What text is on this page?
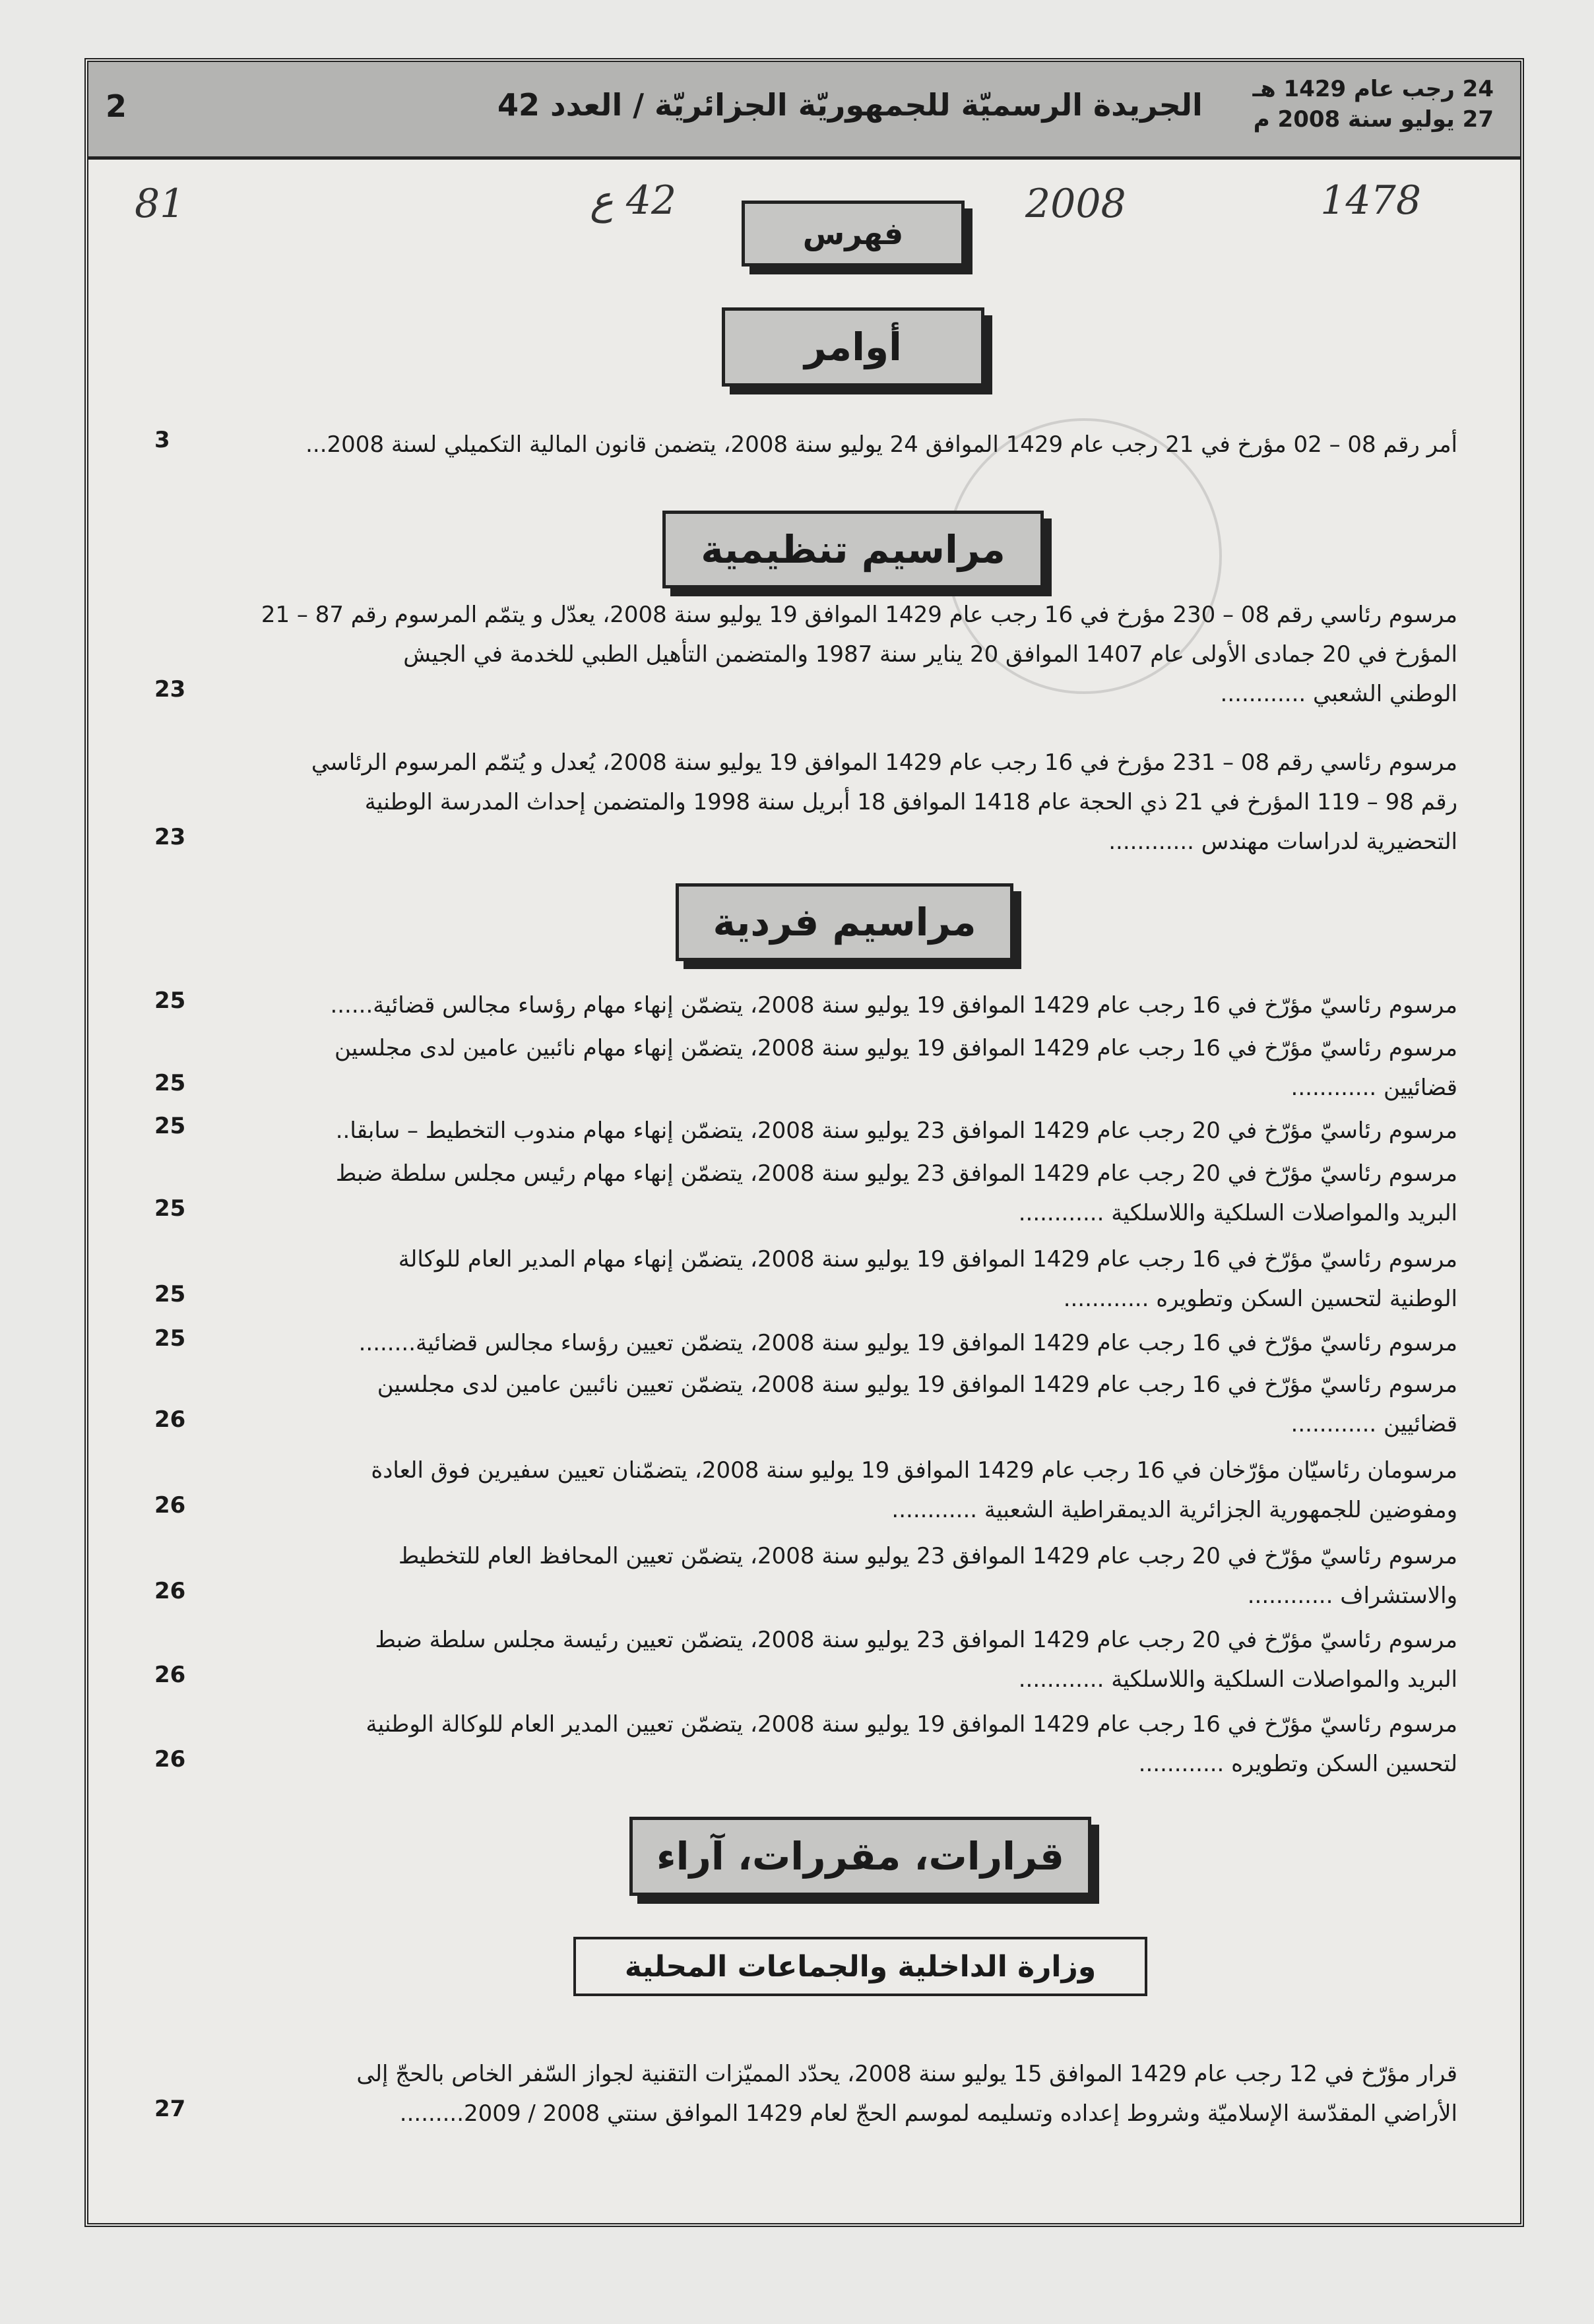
2	الجريدة الرسميّة للجمهوريّة الجزائريّة / العدد 42 24 رجب عام 1429 هـ
27 يوليو سنة 2008 م
1478
2008
42 ع
81
فهرس
أوامر
أمر رقم 08 – 02 مؤرخ في 21 رجب عام 1429 الموافق 24 يوليو سنة 2008، يتضمن قانون المالية التكميلي لسنة 2008...
3
مراسيم تنظيمية
مرسوم رئاسي رقم 08 – 230 مؤرخ في 16 رجب عام 1429 الموافق 19 يوليو سنة 2008، يعدّل و يتمّم المرسوم رقم 87 – 21
المؤرخ في 20 جمادى الأولى عام 1407 الموافق 20 يناير سنة 1987 والمتضمن التأهيل الطبي للخدمة في الجيش
الوطني الشعبي .....
23
مرسوم رئاسي رقم 08 – 231 مؤرخ في 16 رجب عام 1429 الموافق 19 يوليو سنة 2008، يُعدل و يُتمّم المرسوم الرئاسي
رقم 98 – 119 المؤرخ في 21 ذي الحجة عام 1418 الموافق 18 أبريل سنة 1998 والمتضمن إحداث المدرسة الوطنية
التحضيرية لدراسات مهندس .....
23
مراسيم فردية
مرسوم رئاسيّ مؤرّخ في 16 رجب عام 1429 الموافق 19 يوليو سنة 2008، يتضمّن إنهاء مهام رؤساء مجالس قضائية......
25
مرسوم رئاسيّ مؤرّخ في 16 رجب عام 1429 الموافق 19 يوليو سنة 2008، يتضمّن إنهاء مهام نائبين عامين لدى مجلسين
قضائيين .....
25
مرسوم رئاسيّ مؤرّخ في 20 رجب عام 1429 الموافق 23 يوليو سنة 2008، يتضمّن إنهاء مهام مندوب التخطيط – سابقا..
25
مرسوم رئاسيّ مؤرّخ في 20 رجب عام 1429 الموافق 23 يوليو سنة 2008، يتضمّن إنهاء مهام رئيس مجلس سلطة ضبط
البريد والمواصلات السلكية واللاسلكية .....
25
مرسوم رئاسيّ مؤرّخ في 16 رجب عام 1429 الموافق 19 يوليو سنة 2008، يتضمّن إنهاء مهام المدير العام للوكالة
الوطنية لتحسين السكن وتطويره .....
25
مرسوم رئاسيّ مؤرّخ في 16 رجب عام 1429 الموافق 19 يوليو سنة 2008، يتضمّن تعيين رؤساء مجالس قضائية........
25
مرسوم رئاسيّ مؤرّخ في 16 رجب عام 1429 الموافق 19 يوليو سنة 2008، يتضمّن تعيين نائبين عامين لدى مجلسين
قضائيين .....
26
مرسومان رئاسيّان مؤرّخان في 16 رجب عام 1429 الموافق 19 يوليو سنة 2008، يتضمّنان تعيين سفيرين فوق العادة
ومفوضين للجمهورية الجزائرية الديمقراطية الشعبية .....
26
مرسوم رئاسيّ مؤرّخ في 20 رجب عام 1429 الموافق 23 يوليو سنة 2008، يتضمّن تعيين المحافظ العام للتخطيط
والاستشراف .....
26
مرسوم رئاسيّ مؤرّخ في 20 رجب عام 1429 الموافق 23 يوليو سنة 2008، يتضمّن تعيين رئيسة مجلس سلطة ضبط
البريد والمواصلات السلكية واللاسلكية .....
26
مرسوم رئاسيّ مؤرّخ في 16 رجب عام 1429 الموافق 19 يوليو سنة 2008، يتضمّن تعيين المدير العام للوكالة الوطنية
لتحسين السكن وتطويره .....
26
قرارات، مقررات، آراء
وزارة الداخلية والجماعات المحلية
قرار مؤرّخ في 12 رجب عام 1429 الموافق 15 يوليو سنة 2008، يحدّد المميّزات التقنية لجواز السّفر الخاص بالحجّ إلى
الأراضي المقدّسة الإسلاميّة وشروط إعداده وتسليمه لموسم الحجّ لعام 1429 الموافق سنتي 2008 / 2009.........
27
